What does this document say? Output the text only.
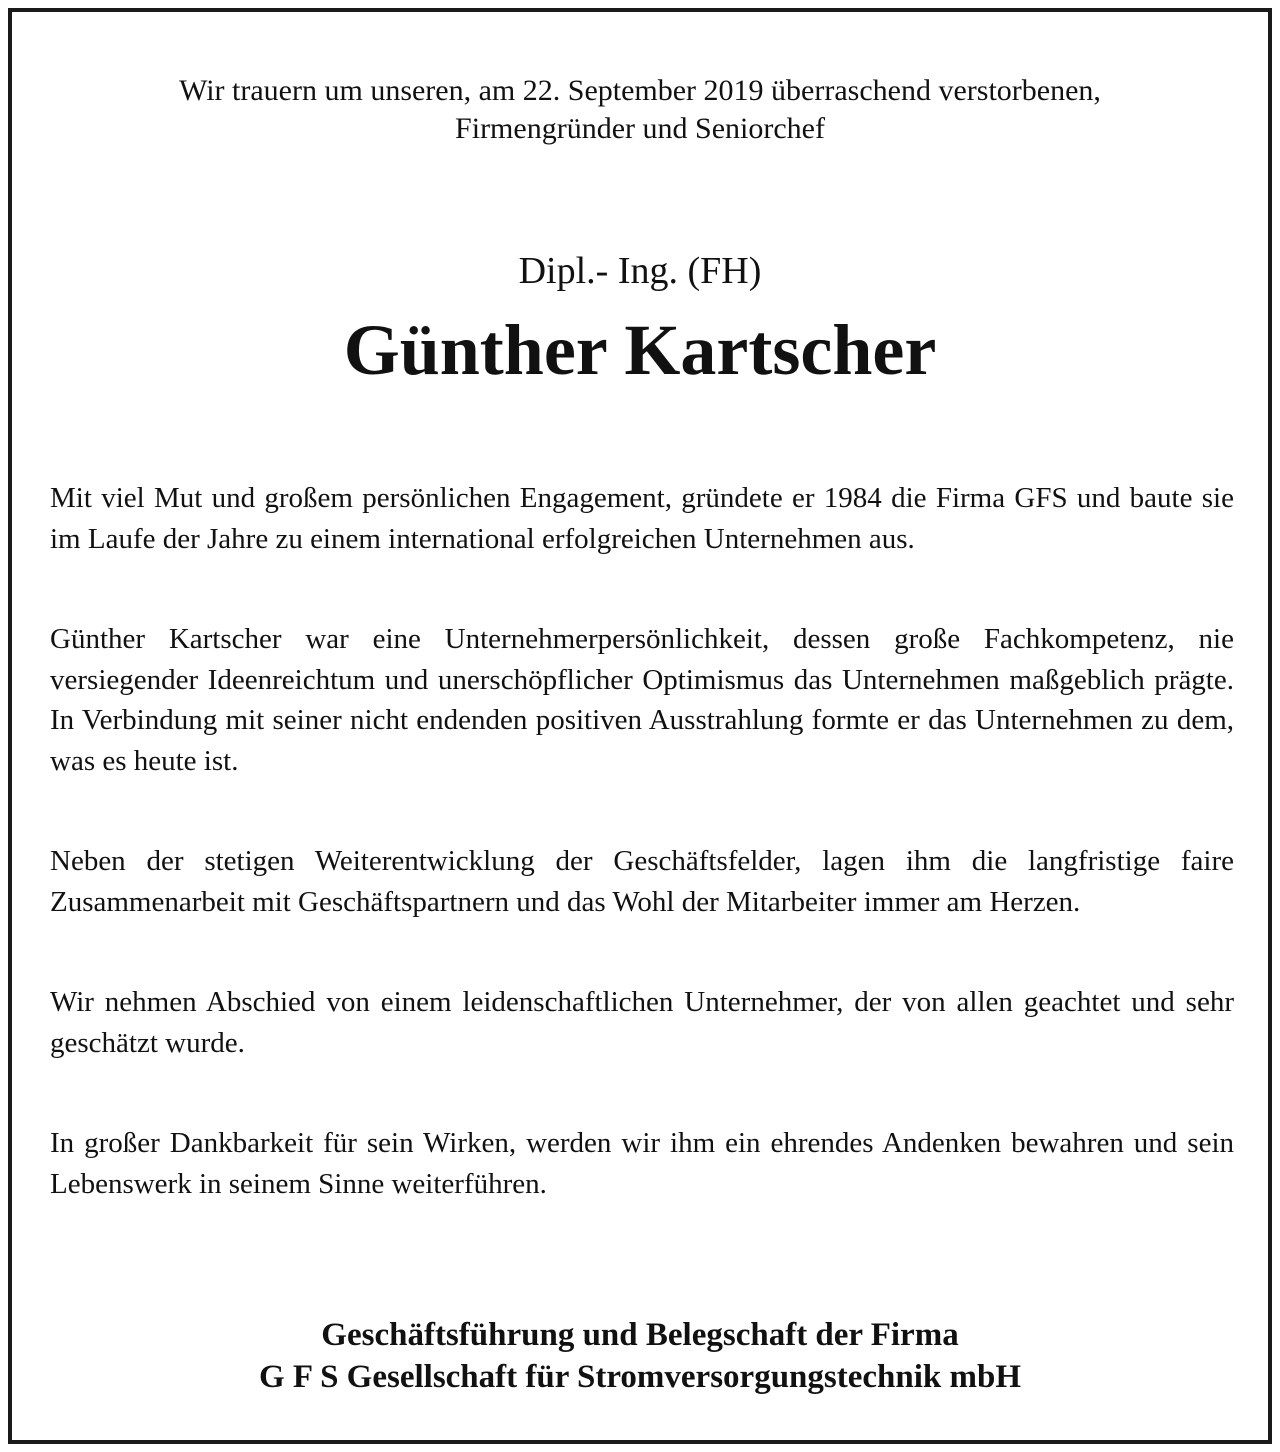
Wir trauern um unseren, am 22. September 2019 überraschend verstorbenen,
Firmengründer und Seniorchef
Dipl.- Ing. (FH)
Günther Kartscher

Mit viel Mut und großem persönlichen Engagement, gründete er 1984 die Firma GFS und baute sie im Laufe der Jahre zu einem international erfolgreichen Unternehmen aus.

Günther Kartscher war eine Unternehmerpersönlichkeit, dessen große Fachkompetenz, nie versiegender Ideenreichtum und unerschöpflicher Optimismus das Unternehmen maßgeblich prägte. In Verbindung mit seiner nicht endenden positiven Ausstrahlung formte er das Unternehmen zu dem, was es heute ist.

Neben der stetigen Weiterentwicklung der Geschäftsfelder, lagen ihm die langfristige faire Zusammenarbeit mit Geschäftspartnern und das Wohl der Mitarbeiter immer am Herzen.

Wir nehmen Abschied von einem leidenschaftlichen Unternehmer, der von allen geachtet und sehr geschätzt wurde.

In großer Dankbarkeit für sein Wirken, werden wir ihm ein ehrendes Andenken bewahren und sein Lebenswerk in seinem Sinne weiterführen.

Geschäftsführung und Belegschaft der Firma
G F S Gesellschaft für Stromversorgungstechnik mbH
